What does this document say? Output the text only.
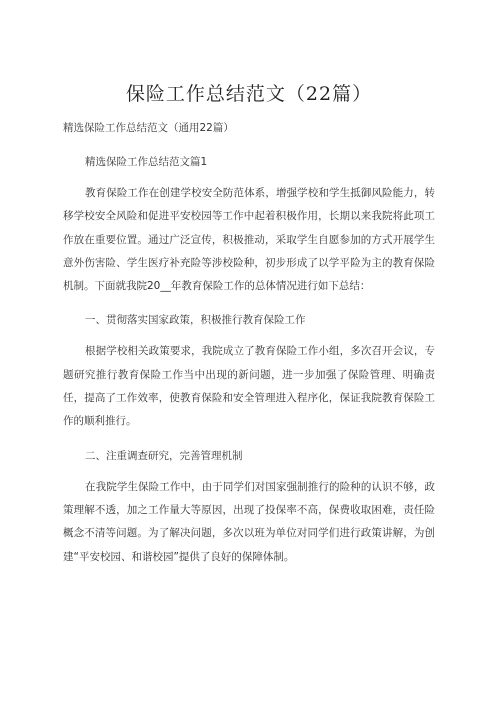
保险工作总结范文（22篇）

精选保险工作总结范文（通用22篇）

精选保险工作总结范文篇1

教育保险工作在创建学校安全防范体系，增强学校和学生抵御风险能力，转移学校安全风险和促进平安校园等工作中起着积极作用，长期以来我院将此项工作放在重要位置。通过广泛宣传，积极推动，采取学生自愿参加的方式开展学生意外伤害险、学生医疗补充险等涉校险种，初步形成了以学平险为主的教育保险机制。下面就我院20__年教育保险工作的总体情况进行如下总结：

一、贯彻落实国家政策，积极推行教育保险工作

根据学校相关政策要求，我院成立了教育保险工作小组，多次召开会议，专题研究推行教育保险工作当中出现的新问题，进一步加强了保险管理、明确责任，提高了工作效率，使教育保险和安全管理进入程序化，保证我院教育保险工作的顺利推行。

二、注重调查研究，完善管理机制

在我院学生保险工作中，由于同学们对国家强制推行的险种的认识不够，政策理解不透，加之工作量大等原因，出现了投保率不高，保费收取困难，责任险概念不清等问题。为了解决问题，多次以班为单位对同学们进行政策讲解，为创建“平安校园、和谐校园”提供了良好的保障体制。
